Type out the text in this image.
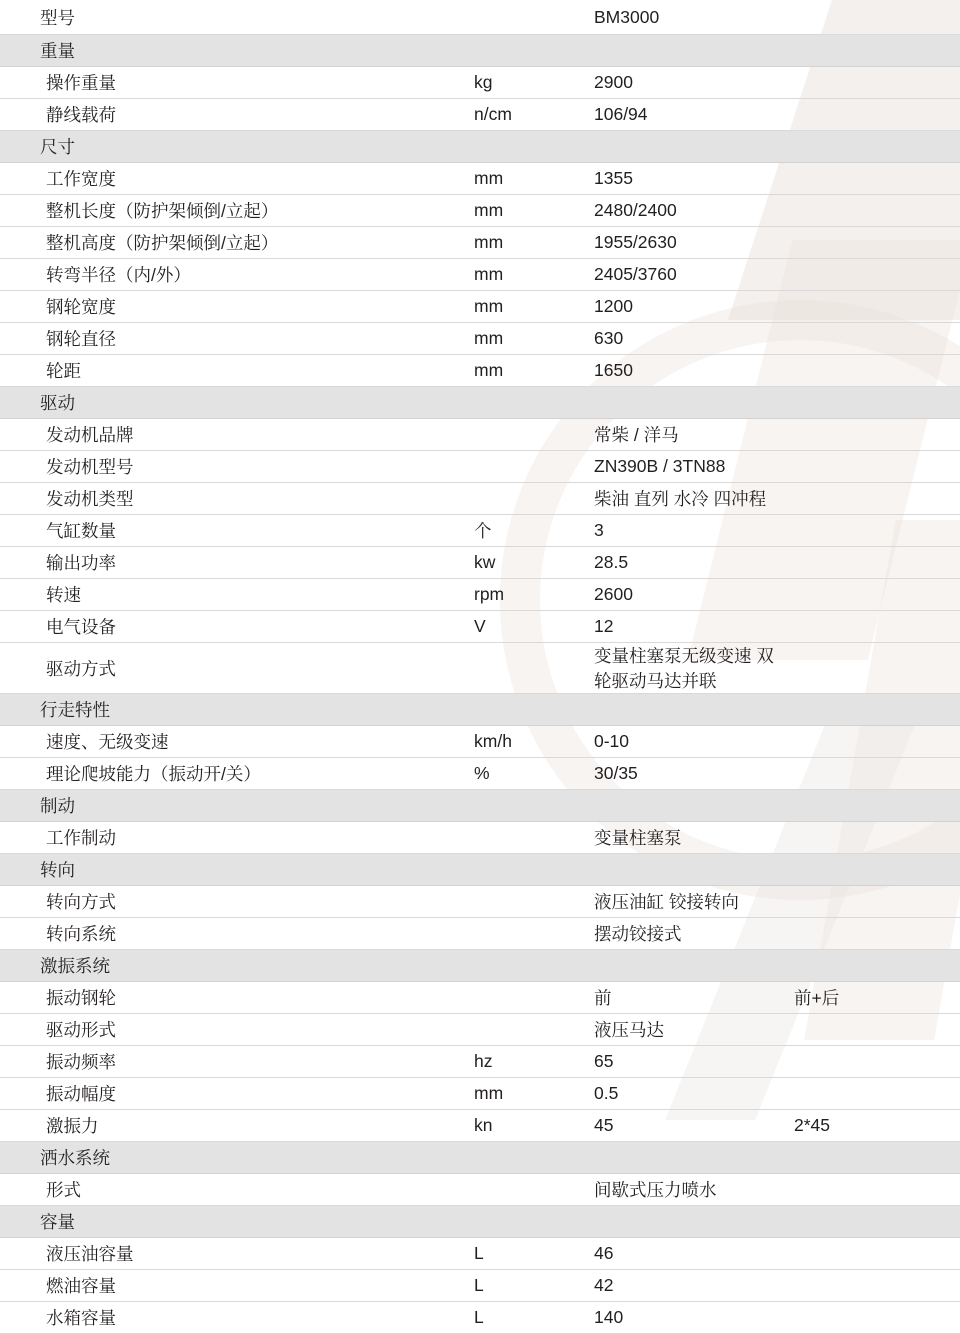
型号		BM3000	
重量			
操作重量	kg	2900	
静线载荷	n/cm	106/94	
尺寸			
工作宽度	mm	1355	
整机长度（防护架倾倒/立起）	mm	2480/2400	
整机高度（防护架倾倒/立起）	mm	1955/2630	
转弯半径（内/外）	mm	2405/3760	
钢轮宽度	mm	1200	
钢轮直径	mm	630	
轮距	mm	1650	
驱动			
发动机品牌		常柴 / 洋马	
发动机型号		ZN390B / 3TN88	
发动机类型		柴油 直列 水冷 四冲程	
气缸数量	个	3	
输出功率	kw	28.5	
转速	rpm	2600	
电气设备	V	12	
驱动方式		变量柱塞泵无级变速 双轮驱动马达并联	
行走特性			
速度、无级变速	km/h	0-10	
理论爬坡能力（振动开/关）	%	30/35	
制动			
工作制动		变量柱塞泵	
转向			
转向方式		液压油缸 铰接转向	
转向系统		摆动铰接式	
激振系统			
振动钢轮		前	前+后
驱动形式		液压马达	
振动频率	hz	65	
振动幅度	mm	0.5	
激振力	kn	45	2*45
洒水系统			
形式		间歇式压力喷水	
容量			
液压油容量	L	46	
燃油容量	L	42	
水箱容量	L	140	
